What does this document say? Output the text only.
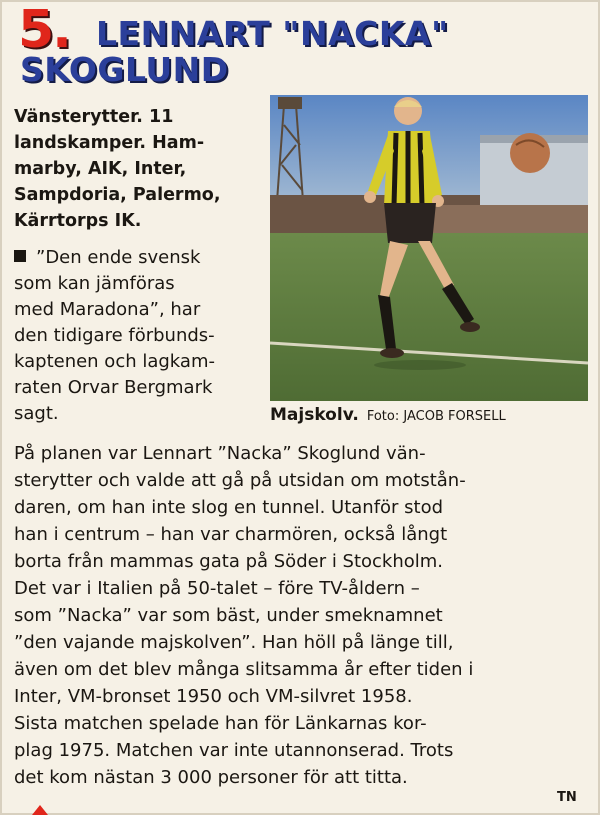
5. LENNART "NACKA"
SKOGLUND
Vänsterytter. 11
landskamper. Ham-
marby, AIK, Inter,
Sampdoria, Palermo,
Kärrtorps IK.
”Den ende svensk
som kan jämföras
med Maradona”, har
den tidigare förbunds-
kaptenen och lagkam-
raten Orvar Bergmark
sagt.	Majskolv. Foto: JACOB FORSELL
På planen var Lennart ”Nacka” Skoglund vän-
sterytter och valde att gå på utsidan om motstån-
daren, om han inte slog en tunnel. Utanför stod
han i centrum – han var charmören, också långt
borta från mammas gata på Söder i Stockholm.
Det var i Italien på 50-talet – före TV-åldern –
som ”Nacka” var som bäst, under smeknamnet
”den vajande majskolven”. Han höll på länge till,
även om det blev många slitsamma år efter tiden i
Inter, VM-bronset 1950 och VM-silvret 1958.
Sista matchen spelade han för Länkarnas kor-
plag 1975. Matchen var inte utannonserad. Trots
det kom nästan 3 000 personer för att titta.
TN
